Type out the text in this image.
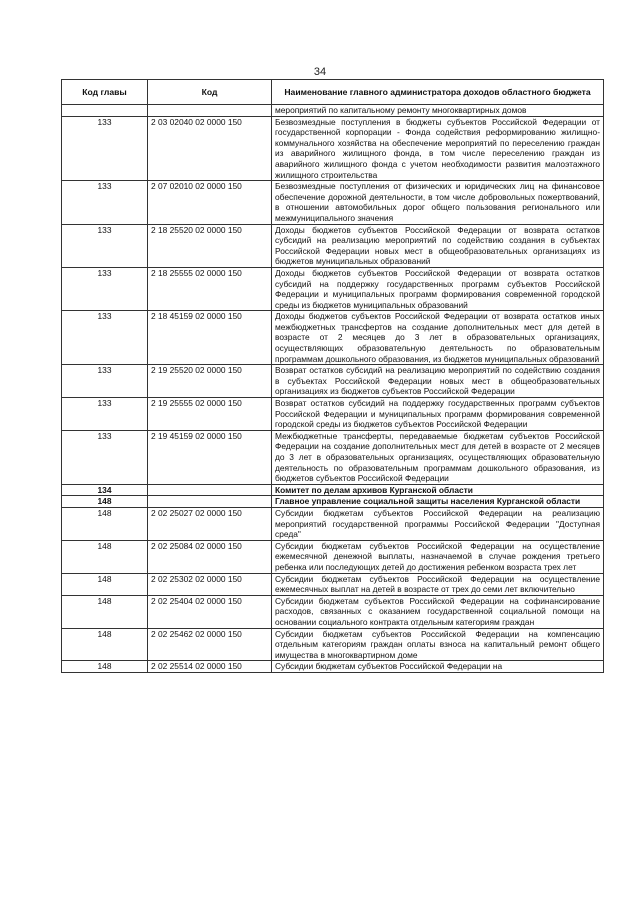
34
Код главы	Код	Наименование главного администратора доходов областного бюджета
		мероприятий по капитальному ремонту многоквартирных домов
133	2 03 02040 02 0000 150	Безвозмездные поступления в бюджеты субъектов Российской Федерации от государственной корпорации - Фонда содействия реформированию жилищно-коммунального хозяйства на обеспечение мероприятий по переселению граждан из аварийного жилищного фонда, в том числе переселению граждан из аварийного жилищного фонда с учетом необходимости развития малоэтажного жилищного строительства
133	2 07 02010 02 0000 150	Безвозмездные поступления от физических и юридических лиц на финансовое обеспечение дорожной деятельности, в том числе добровольных пожертвований, в отношении автомобильных дорог общего пользования регионального или межмуниципального значения
133	2 18 25520 02 0000 150	Доходы бюджетов субъектов Российской Федерации от возврата остатков субсидий на реализацию мероприятий по содействию создания в субъектах Российской Федерации новых мест в общеобразовательных организациях из бюджетов муниципальных образований
133	2 18 25555 02 0000 150	Доходы бюджетов субъектов Российской Федерации от возврата остатков субсидий на поддержку государственных программ субъектов Российской Федерации и муниципальных программ формирования современной городской среды из бюджетов муниципальных образований
133	2 18 45159 02 0000 150	Доходы бюджетов субъектов Российской Федерации от возврата остатков иных межбюджетных трансфертов на создание дополнительных мест для детей в возрасте от 2 месяцев до 3 лет в образовательных организациях, осуществляющих образовательную деятельность по образовательным программам дошкольного образования, из бюджетов муниципальных образований
133	2 19 25520 02 0000 150	Возврат остатков субсидий на реализацию мероприятий по содействию создания в субъектах Российской Федерации новых мест в общеобразовательных организациях из бюджетов субъектов Российской Федерации
133	2 19 25555 02 0000 150	Возврат остатков субсидий на поддержку государственных программ субъектов Российской Федерации и муниципальных программ формирования современной городской среды из бюджетов субъектов Российской Федерации
133	2 19 45159 02 0000 150	Межбюджетные трансферты, передаваемые бюджетам субъектов Российской Федерации на создание дополнительных мест для детей в возрасте от 2 месяцев до 3 лет в образовательных организациях, осуществляющих образовательную деятельность по образовательным программам дошкольного образования, из бюджетов субъектов Российской Федерации
134		Комитет по делам архивов Курганской области
148		Главное управление социальной защиты населения Курганской области
148	2 02 25027 02 0000 150	Субсидии бюджетам субъектов Российской Федерации на реализацию мероприятий государственной программы Российской Федерации "Доступная среда"
148	2 02 25084 02 0000 150	Субсидии бюджетам субъектов Российской Федерации на осуществление ежемесячной денежной выплаты, назначаемой в случае рождения третьего ребенка или последующих детей до достижения ребенком возраста трех лет
148	2 02 25302 02 0000 150	Субсидии бюджетам субъектов Российской Федерации на осуществление ежемесячных выплат на детей в возрасте от трех до семи лет включительно
148	2 02 25404 02 0000 150	Субсидии бюджетам субъектов Российской Федерации на софинансирование расходов, связанных с оказанием государственной социальной помощи на основании социального контракта отдельным категориям граждан
148	2 02 25462 02 0000 150	Субсидии бюджетам субъектов Российской Федерации на компенсацию отдельным категориям граждан оплаты взноса на капитальный ремонт общего имущества в многоквартирном доме
148	2 02 25514 02 0000 150	Субсидии бюджетам субъектов Российской Федерации на
